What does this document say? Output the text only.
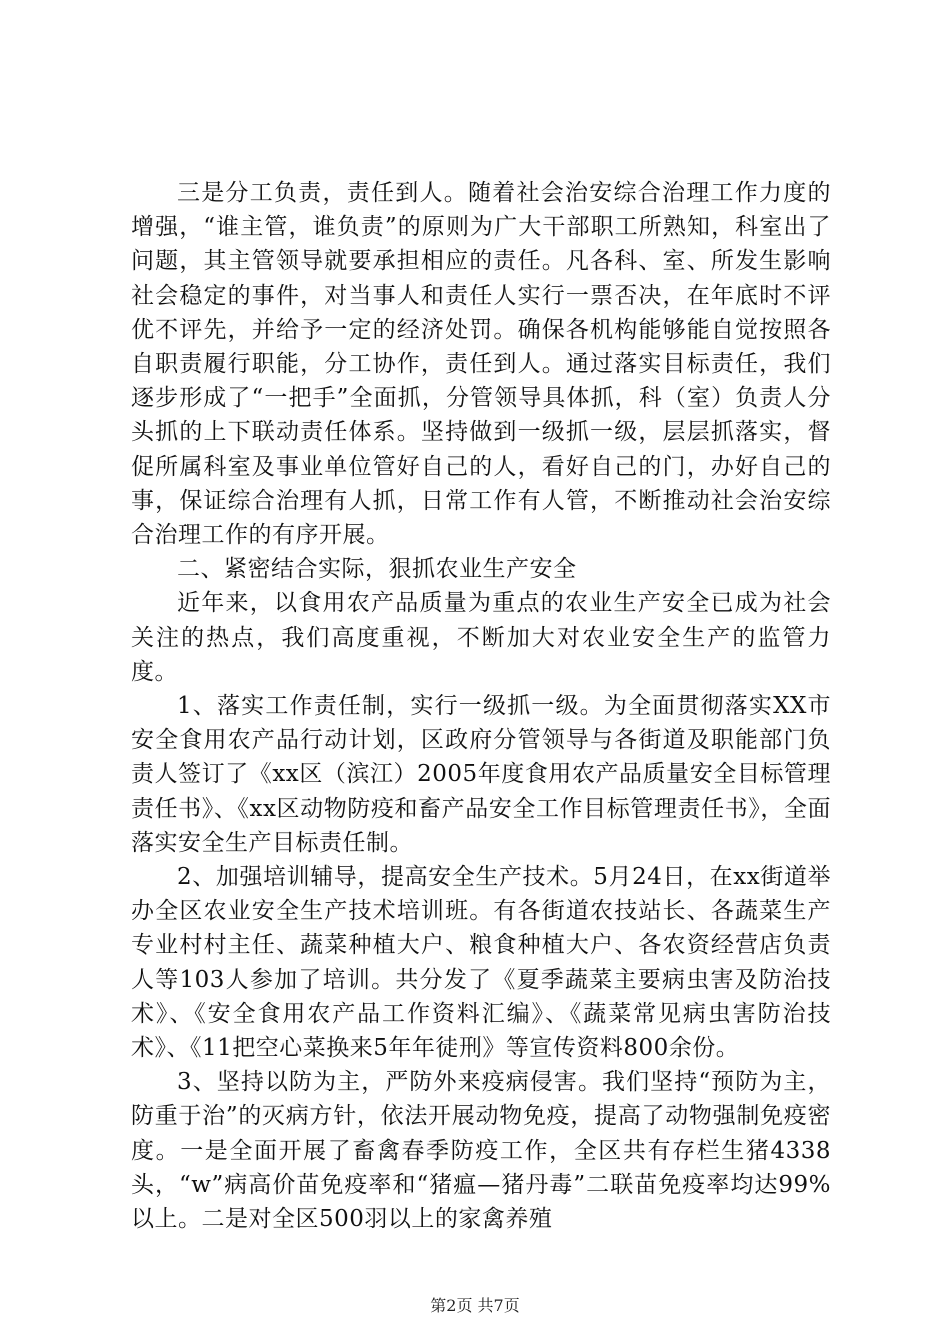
三是分工负责，责任到人。随着社会治安综合治理工作力度的增强，“谁主管，谁负责”的原则为广大干部职工所熟知，科室出了问题，其主管领导就要承担相应的责任。凡各科、室、所发生影响社会稳定的事件，对当事人和责任人实行一票否决，在年底时不评优不评先，并给予一定的经济处罚。确保各机构能够能自觉按照各自职责履行职能，分工协作，责任到人。通过落实目标责任，我们逐步形成了“一把手”全面抓，分管领导具体抓，科（室）负责人分头抓的上下联动责任体系。坚持做到一级抓一级，层层抓落实，督促所属科室及事业单位管好自己的人，看好自己的门，办好自己的事，保证综合治理有人抓，日常工作有人管，不断推动社会治安综合治理工作的有序开展。

二、紧密结合实际，狠抓农业生产安全

近年来，以食用农产品质量为重点的农业生产安全已成为社会关注的热点，我们高度重视，不断加大对农业安全生产的监管力度。

1、落实工作责任制，实行一级抓一级。为全面贯彻落实XX市安全食用农产品行动计划，区政府分管领导与各街道及职能部门负责人签订了《xx区（滨江）2005年度食用农产品质量安全目标管理责任书》、《xx区动物防疫和畜产品安全工作目标管理责任书》，全面落实安全生产目标责任制。

2、加强培训辅导，提高安全生产技术。5月24日，在xx街道举办全区农业安全生产技术培训班。有各街道农技站长、各蔬菜生产专业村村主任、蔬菜种植大户、粮食种植大户、各农资经营店负责人等103人参加了培训。共分发了《夏季蔬菜主要病虫害及防治技术》、《安全食用农产品工作资料汇编》、《蔬菜常见病虫害防治技术》、《11把空心菜换来5年年徒刑》等宣传资料800余份。

3、坚持以防为主，严防外来疫病侵害。我们坚持“预防为主，防重于治”的灭病方针，依法开展动物免疫，提高了动物强制免疫密度。一是全面开展了畜禽春季防疫工作，全区共有存栏生猪4338头，“w”病高价苗免疫率和“猪瘟—猪丹毒”二联苗免疫率均达99%以上。二是对全区500羽以上的家禽养殖

第2页 共7页
